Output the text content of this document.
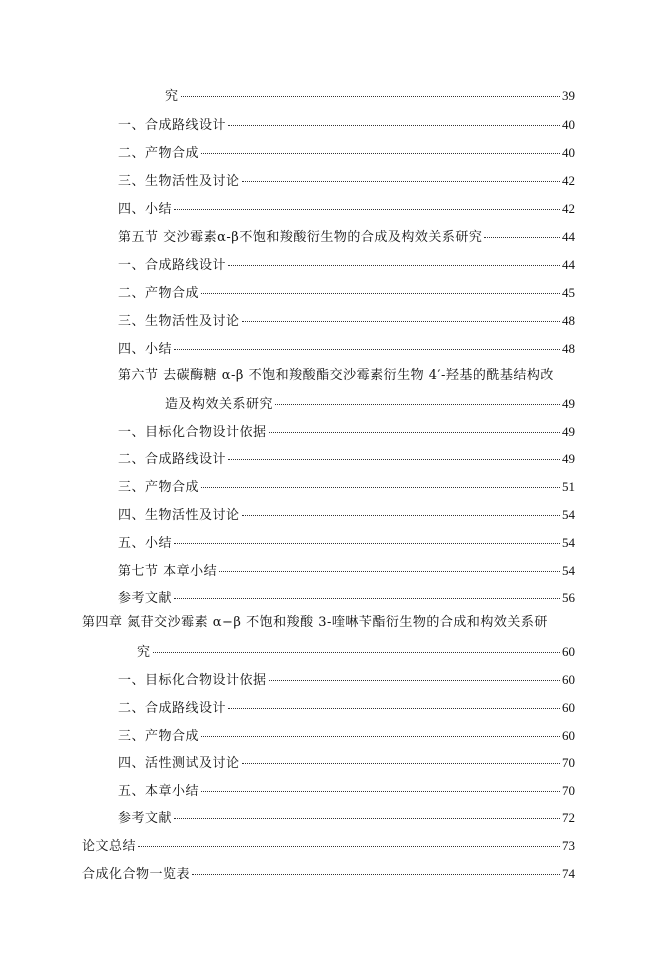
究	39
一、合成路线设计	40
二、产物合成	40
三、生物活性及讨论	42
四、小结	42
第五节 交沙霉素α-β不饱和羧酸衍生物的合成及构效关系研究	44
一、合成路线设计	44
二、产物合成	45
三、生物活性及讨论	48
四、小结	48
第六节 去碳酶糖 α-β 不饱和羧酸酯交沙霉素衍生物 4′-羟基的酰基结构改
造及构效关系研究	49
一、目标化合物设计依据	49
二、合成路线设计	49
三、产物合成	51
四、生物活性及讨论	54
五、小结	54
第七节 本章小结	54
参考文献	56
第四章 氮苷交沙霉素 α−β 不饱和羧酸 3-喹啉苄酯衍生物的合成和构效关系研
究	60
一、目标化合物设计依据	60
二、合成路线设计	60
三、产物合成	60
四、活性测试及讨论	70
五、本章小结	70
参考文献	72
论文总结	73
合成化合物一览表	74
